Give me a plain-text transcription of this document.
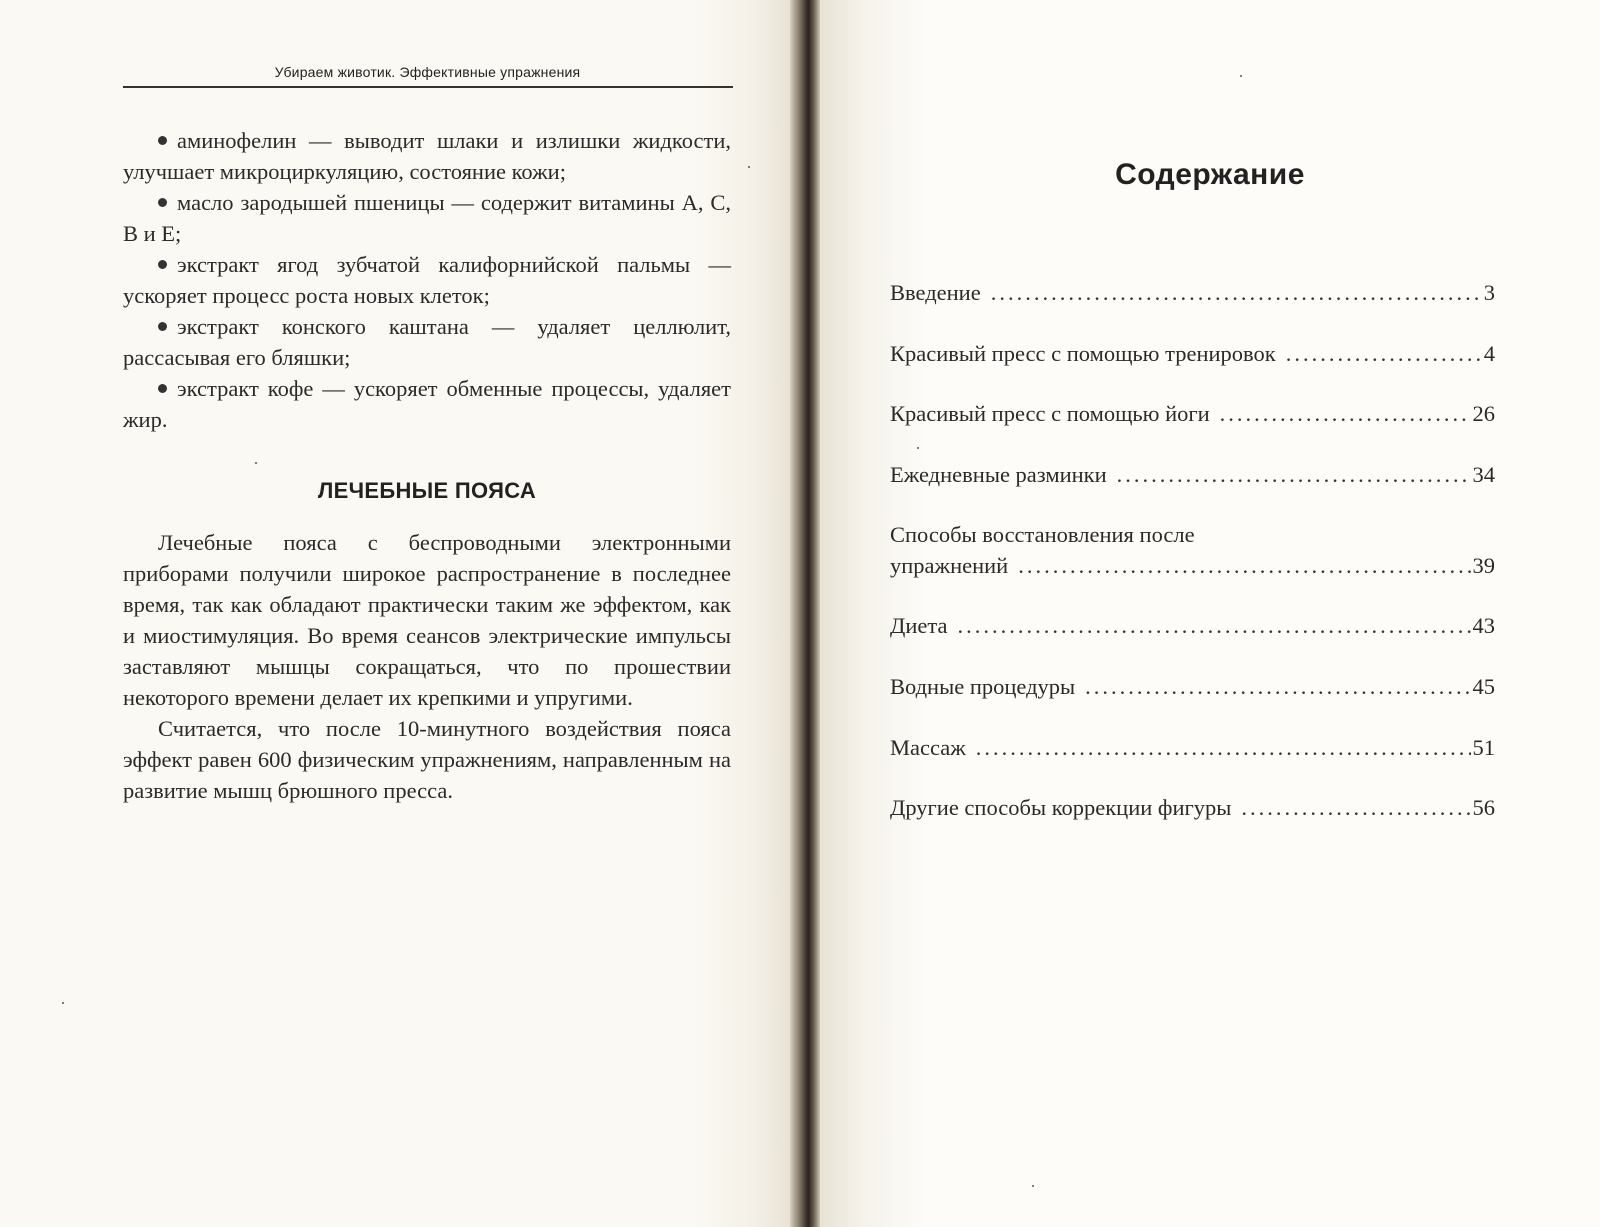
Убираем животик. Эффективные упражнения

аминофелин — выводит шлаки и излишки жидкости, улучшает микроциркуляцию, состояние кожи;

масло зародышей пшеницы — содержит витамины А, С, В и Е;

экстракт ягод зубчатой калифорнийской пальмы — ускоряет процесс роста новых клеток;

экстракт конского каштана — удаляет целлюлит, рассасывая его бляшки;

экстракт кофе — ускоряет обменные процессы, удаляет жир.

ЛЕЧЕБНЫЕ ПОЯСА

Лечебные пояса с беспроводными электронными приборами получили широкое распространение в последнее время, так как обладают практически таким же эффектом, как и миостимуляция. Во время сеансов электрические импульсы заставляют мышцы сокращаться, что по прошествии некоторого времени делает их крепкими и упругими.

Считается, что после 10-минутного воздействия пояса эффект равен 600 физическим упражнениям, направленным на развитие мышц брюшного пресса.

Содержание
Введение .....	3
Красивый пресс с помощью тренировок .....	4
Красивый пресс с помощью йоги .....	26
Ежедневные разминки .....	34
Способы восстановления после
упражнений .....	39
Диета .....	43
Водные процедуры .....	45
Массаж .....	51
Другие способы коррекции фигуры .....	56
